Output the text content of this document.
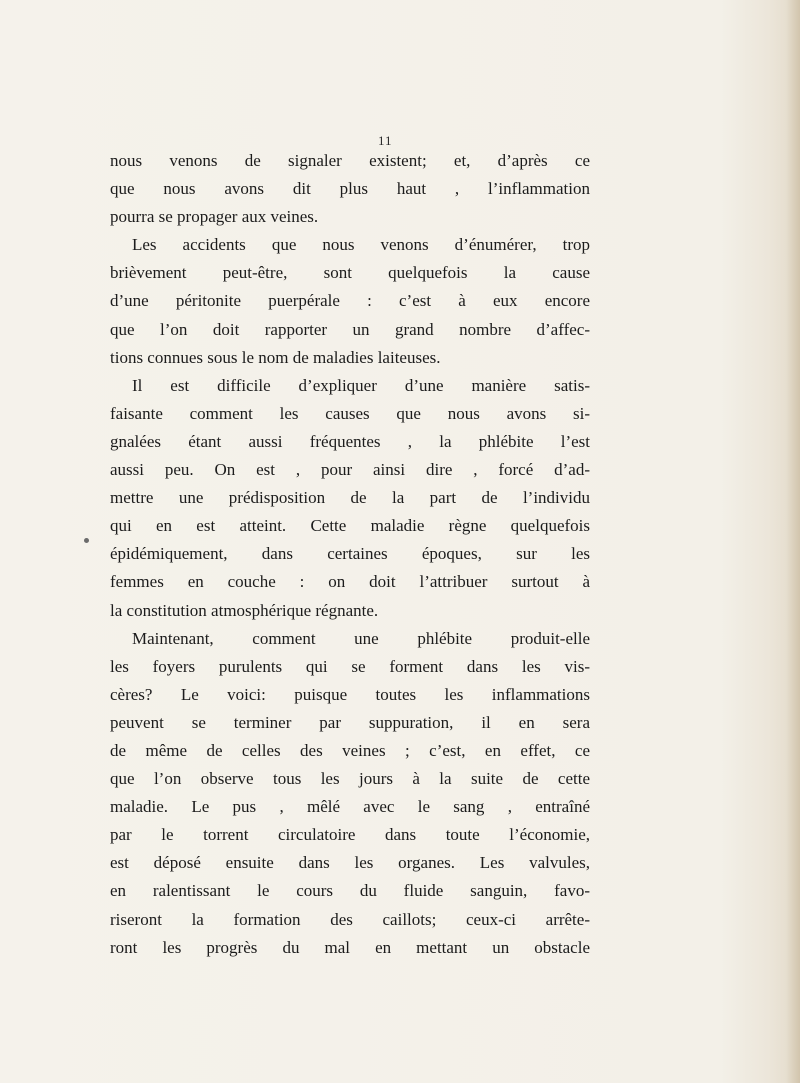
11
nous venons de signaler existent; et, d’après ce
que nous avons dit plus haut , l’inflammation
pourra se propager aux veines.
Les accidents que nous venons d’énumérer, trop
brièvement peut-être, sont quelquefois la cause
d’une péritonite puerpérale : c’est à eux encore
que l’on doit rapporter un grand nombre d’affec-
tions connues sous le nom de maladies laiteuses.
Il est difficile d’expliquer d’une manière satis-
faisante comment les causes que nous avons si-
gnalées étant aussi fréquentes , la phlébite l’est
aussi peu. On est , pour ainsi dire , forcé d’ad-
mettre une prédisposition de la part de l’individu
qui en est atteint. Cette maladie règne quelquefois
épidémiquement, dans certaines époques, sur les
femmes en couche : on doit l’attribuer surtout à
la constitution atmosphérique régnante.
Maintenant, comment une phlébite produit-elle
les foyers purulents qui se forment dans les vis-
cères? Le voici: puisque toutes les inflammations
peuvent se terminer par suppuration, il en sera
de même de celles des veines ; c’est, en effet, ce
que l’on observe tous les jours à la suite de cette
maladie. Le pus , mêlé avec le sang , entraîné
par le torrent circulatoire dans toute l’économie,
est déposé ensuite dans les organes. Les valvules,
en ralentissant le cours du fluide sanguin, favo-
riseront la formation des caillots; ceux-ci arrête-
ront les progrès du mal en mettant un obstacle
